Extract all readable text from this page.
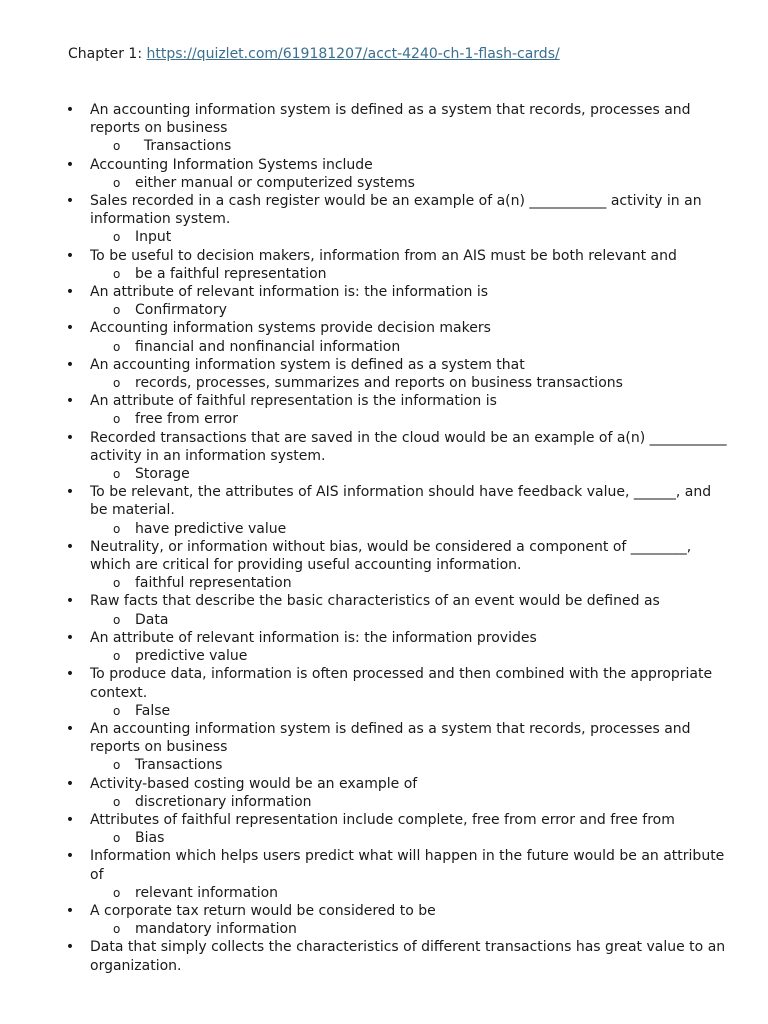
Chapter 1: https://quizlet.com/619181207/acct-4240-ch-1-flash-cards/
• An accounting information system is defined as a system that records, processes and reports on business
o Transactions
• Accounting Information Systems include
o either manual or computerized systems
• Sales recorded in a cash register would be an example of a(n) ___________ activity in an information system.
o Input
• To be useful to decision makers, information from an AIS must be both relevant and
o be a faithful representation
• An attribute of relevant information is: the information is
o Confirmatory
• Accounting information systems provide decision makers
o financial and nonfinancial information
• An accounting information system is defined as a system that
o records, processes, summarizes and reports on business transactions
• An attribute of faithful representation is the information is
o free from error
• Recorded transactions that are saved in the cloud would be an example of a(n) ___________ activity in an information system.
o Storage
• To be relevant, the attributes of AIS information should have feedback value, ______, and be material.
o have predictive value
• Neutrality, or information without bias, would be considered a component of ________, which are critical for providing useful accounting information.
o faithful representation
• Raw facts that describe the basic characteristics of an event would be defined as
o Data
• An attribute of relevant information is: the information provides
o predictive value
• To produce data, information is often processed and then combined with the appropriate context.
o False
• An accounting information system is defined as a system that records, processes and reports on business
o Transactions
• Activity-based costing would be an example of
o discretionary information
• Attributes of faithful representation include complete, free from error and free from
o Bias
• Information which helps users predict what will happen in the future would be an attribute of
o relevant information
• A corporate tax return would be considered to be
o mandatory information
• Data that simply collects the characteristics of different transactions has great value to an organization.
